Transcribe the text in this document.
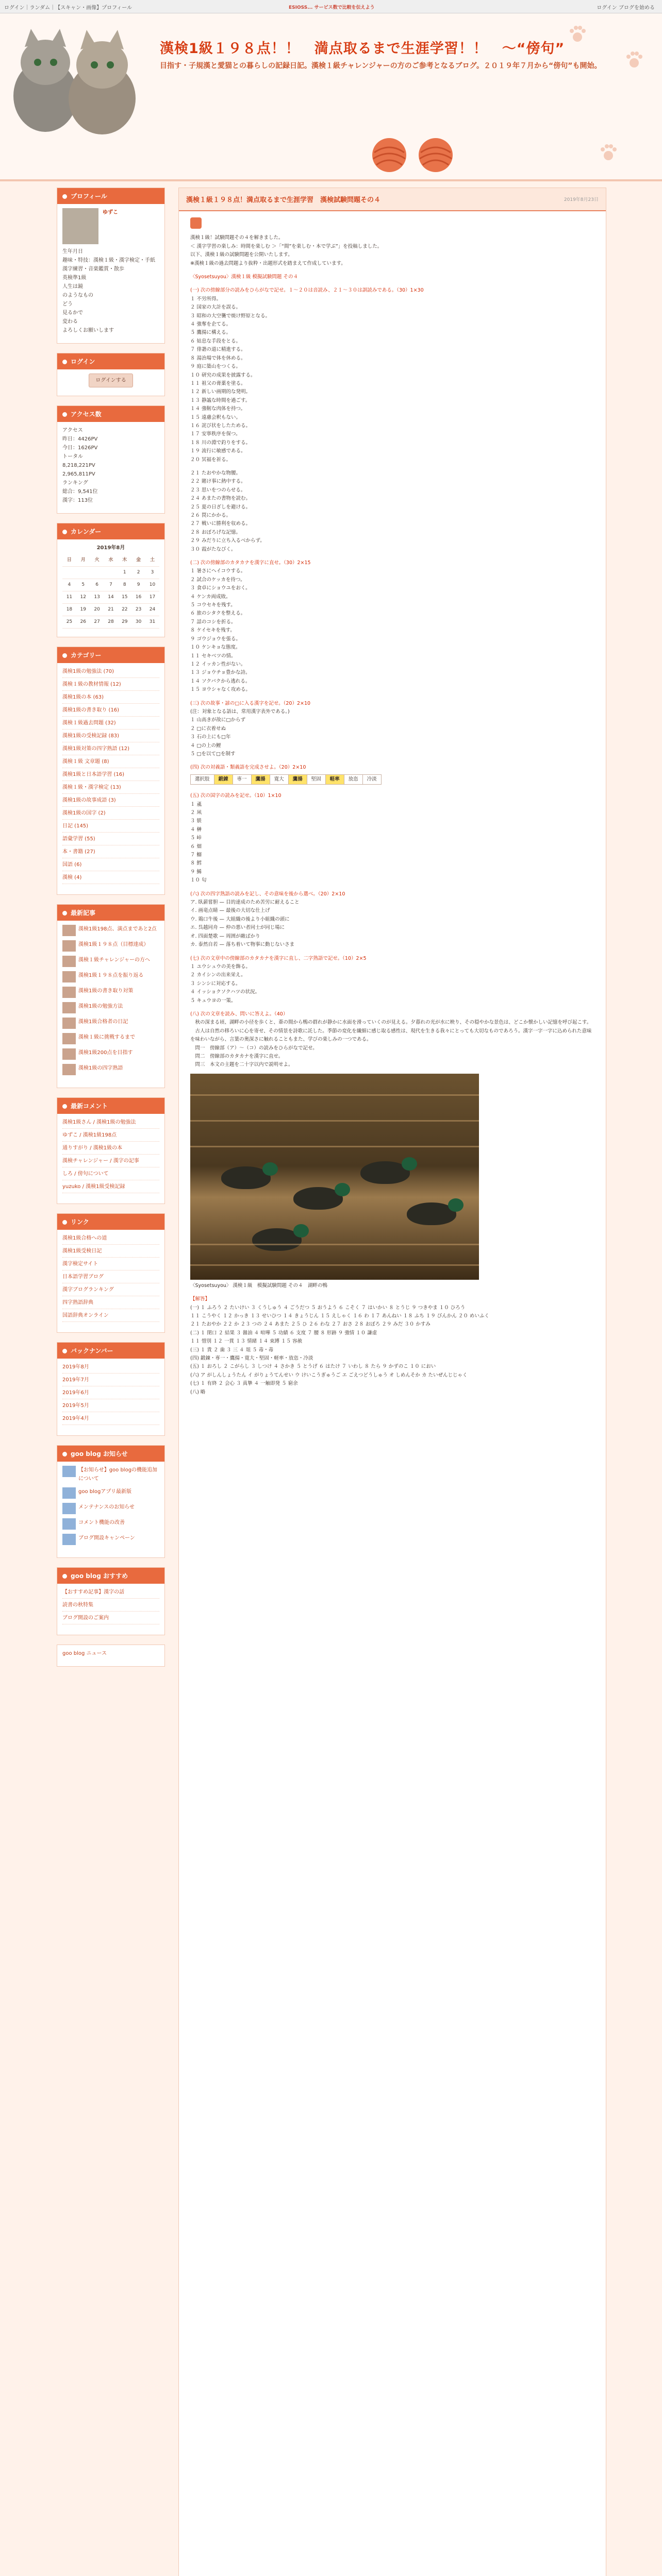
ログイン｜ランダム｜【スキャン・画像】プロフィール	ESIOSS... サービス数で比較を伝えよう	ログイン ブログを始める
漢検1級１９８点！！　満点取るまで生涯学習！！　～“傍句”
目指す・子規漢と愛猫との暮らしの記録日記。漢検１級チャレンジャーの方のご参考となるブログ。２０１９年７月から“傍句”も開始。
プロフィール
ゆずこ
生年月日
趣味・特技：漢検１級・漢字検定・手紙漢字練習・音楽鑑賞・散歩
英検準1級
人生は鏡
のようなもの
どう
見るかで
変わる
よろしくお願いします
ログイン
ログインする
アクセス数
アクセス
昨日：4426PV
今日：1626PV
トータル
8,218,221PV
2,965,811PV
ランキング
総合：9,541位
漢字：113位
カレンダー
2019年8月
日	月	火	水	木	金	土
				1	2	3
4	5	6	7	8	9	10
11	12	13	14	15	16	17
18	19	20	21	22	23	24
25	26	27	28	29	30	31
カテゴリー
漢検1級の勉強法 (70)
漢検１級の教材情報 (12)
漢検1級の本 (63)
漢検1級の書き取り (16)
漢検１級過去問題 (32)
漢検1級の受検記録 (83)
漢検1級対策の四字熟語 (12)
漢検１級 文章題 (8)
漢検1級と日本語学習 (16)
漢検１級・漢字検定 (13)
漢検1級の故事成語 (3)
漢検1級の国字 (2)
日記 (145)
語彙学習 (55)
本・書籍 (27)
国語 (6)
漢検 (4)
最新記事
漢検1級198点、満点まであと2点
漢検1級１９８点（目標達成）
漢検１級チャレンジャーの方へ
漢検1級１９８点を振り返る
漢検1級の書き取り対策
漢検1級の勉強方法
漢検1級合格者の日記
漢検１級に挑戦するまで
漢検1級200点を目指す
漢検1級の四字熟語
最新コメント
漢検1級さん / 漢検1級の勉強法
ゆずこ / 漢検1級198点
通りすがり / 漢検1級の本
漢検チャレンジャー / 漢字の記事
しろ / 傍句について
yuzuko / 漢検1級受検記録
リンク
漢検1級合格への道
漢検1級受検日記
漢字検定サイト
日本語学習ブログ
漢字ブログランキング
四字熟語辞典
国語辞典オンライン
バックナンバー
2019年8月
2019年7月
2019年6月
2019年5月
2019年4月
goo blog お知らせ
【お知らせ】goo blogの機能追加について
goo blogアプリ最新版
メンテナンスのお知らせ
コメント機能の改善
ブログ開設キャンペーン
goo blog おすすめ
【おすすめ記事】漢字の話
読書の秋特集
ブログ開設のご案内
goo blog ニュース
漢検１級１９８点！満点取るまで生涯学習　漢検試験問題その４	2019年8月23日
漢検１級！試験問題その４を解きました。
＜ 漢字学習の楽しみ：時間を楽しむ ＞「“間”を楽しむ・本で学ぶ”」を投稿しました。
以下、漢検１級の試験問題を公開いたします。
※漢検１級の過去問題より抜粋・出題形式を踏まえて作成しています。
〈Syosetsuyou〉漢検１級 模擬試験問題 その４
(一) 次の傍線部分の読みをひらがなで記せ。１～２０は音読み、２１～３０は訓読みである。（30）1×30
１ 不労所得。
２ 国家の大計を誤る。
３ 昭和の大空襲で焼け野原となる。
４ 強奪を企てる。
５ 鷹揚に構える。
６ 姑息な手段をとる。
７ 俳諧の道に精進する。
８ 湯治場で体を休める。
９ 庭に築山をつくる。
１０ 研究の成果を披露する。
１１ 祖父の膏薬を塗る。
１２ 新しい画期的な発明。
１３ 静謐な時間を過ごす。
１４ 強靭な肉体を持つ。
１５ 遠慮会釈もない。
１６ 詫び状をしたためる。
１７ 安寧秩序を保つ。
１８ 川の淵で釣りをする。
１９ 流行に敏感である。
２０ 冥福を祈る。
２１ たおやかな物腰。
２２ 賭け事に熱中する。
２３ 思いをつのらせる。
２４ あまたの書物を読む。
２５ 夏の日ざしを避ける。
２６ 罠にかかる。
２７ 戦いに勝利を収める。
２８ おぼろげな記憶。
２９ みだりに立ち入るべからず。
３０ 霞がたなびく。
(二) 次の傍線部のカタカナを漢字に直せ。（30）2×15
１ 暑さにヘイコウする。
２ 試合のケッカを待つ。
３ 食卓にショウユをおく。
４ ケンカ両成敗。
５ コウセキを残す。
６ 旅のシタクを整える。
７ 話のコシを折る。
８ ケイセキを残す。
９ ゴウジョウを張る。
１０ ケンキョな態度。
１１ セキベツの情。
１２ イッカン性がない。
１３ ジョウチョ豊かな詩。
１４ ソクバクから逃れる。
１５ ヨウシャなく攻める。
(三) 次の故事・諺の□に入る漢字を記せ。（20）2×10
(注：対象となる語は、常用漢字表外である。)
１ 山高きが故に□からず
２ □に衣着せぬ
３ 石の上にも□年
４ □の上の鯉
５ □を以て□を制す
(四) 次の対義語・類義語を完成させよ。（20）2×10
選択肢	鍛錬	専一	鷹揚	寛大	鷹揚	堅固	軽率	放恣	冷淡
(五) 次の国字の読みを記せ。（10）1×10
１ 颪
２ 凩
３ 躾
４ 榊
５ 峠
６ 畑
７ 鰯
８ 鱈
９ 鯑
１０ 匂
(六) 次の四字熟語の読みを記し、その意味を後から選べ。（20）2×10
ア. 臥薪嘗胆 — 目的達成のため苦労に耐えること
イ. 画竜点睛 — 最後の大切な仕上げ
ウ. 鶏口牛後 — 大組織の後より小組織の頭に
エ. 呉越同舟 — 仲の悪い者同士が同じ場に
オ. 四面楚歌 — 周囲が敵ばかり
カ. 泰然自若 — 落ち着いて物事に動じないさま
(七) 次の文章中の傍線部のカタカナを漢字に直し、二字熟語で記せ。（10）2×5
１ ユウシュウの美を飾る。
２ カイシンの出来栄え。
３ シンシに対応する。
４ イッショクソクハツの状況。
５ キュウヨの一策。
(八) 次の文章を読み、問いに答えよ。（40）
　秋の深まる頃、湖畔の小径を歩くと、葦の間から鴨の群れが静かに水面を滑っていくのが見える。夕暮れの光が水に映り、その穏やかな景色は、どこか懐かしい記憶を呼び起こす。
　古人は自然の移ろいに心を寄せ、その情景を詩歌に託した。季節の変化を繊細に感じ取る感性は、現代を生きる我々にとっても大切なものであろう。漢字一字一字に込められた意味を味わいながら、言葉の奥深さに触れることもまた、学びの楽しみの一つである。
　問一　傍線部（ア）～（コ）の読みをひらがなで記せ。
　問二　傍線部のカタカナを漢字に直せ。
　問三　本文の主題を二十字以内で説明せよ。
〈Syosetsuyou〉 漢検１級　模擬試験問題 その４　湖畔の鴨
【解答】
(一) １ ふろう ２ たいけい ３ くうしゅう ４ ごうだつ ５ おうよう ６ こそく ７ はいかい ８ とうじ ９ つきやま １０ ひろう
１１ こうやく １２ かっき １３ せいひつ １４ きょうじん １５ えしゃく １６ わ １７ あんねい １８ ふち １９ びんかん ２０ めいふく
２１ たおやか ２２ か ２３ つの ２４ あまた ２５ ひ ２６ わな ２７ おさ ２８ おぼろ ２９ みだ ３０ かすみ
(二) １ 閉口 ２ 結果 ３ 醤油 ４ 喧嘩 ５ 功績 ６ 支度 ７ 腰 ８ 形跡 ９ 強情 １０ 謙虚
１１ 惜別 １２ 一貫 １３ 情緒 １４ 束縛 １５ 容赦
(三) １ 貴 ２ 歯 ３ 三 ４ 俎 ５ 毒・毒
(四) 鍛錬・専一・鷹揚・寛大・堅固・軽率・放恣・冷淡
(五) １ おろし ２ こがらし ３ しつけ ４ さかき ５ とうげ ６ はたけ ７ いわし ８ たら ９ かずのこ １０ におい
(六) ア がしんしょうたん イ がりょうてんせい ウ けいこうぎゅうご エ ごえつどうしゅう オ しめんそか カ たいぜんじじゃく
(七) １ 有終 ２ 会心 ３ 真摯 ４ 一触即発 ５ 窮余
(八) 略
